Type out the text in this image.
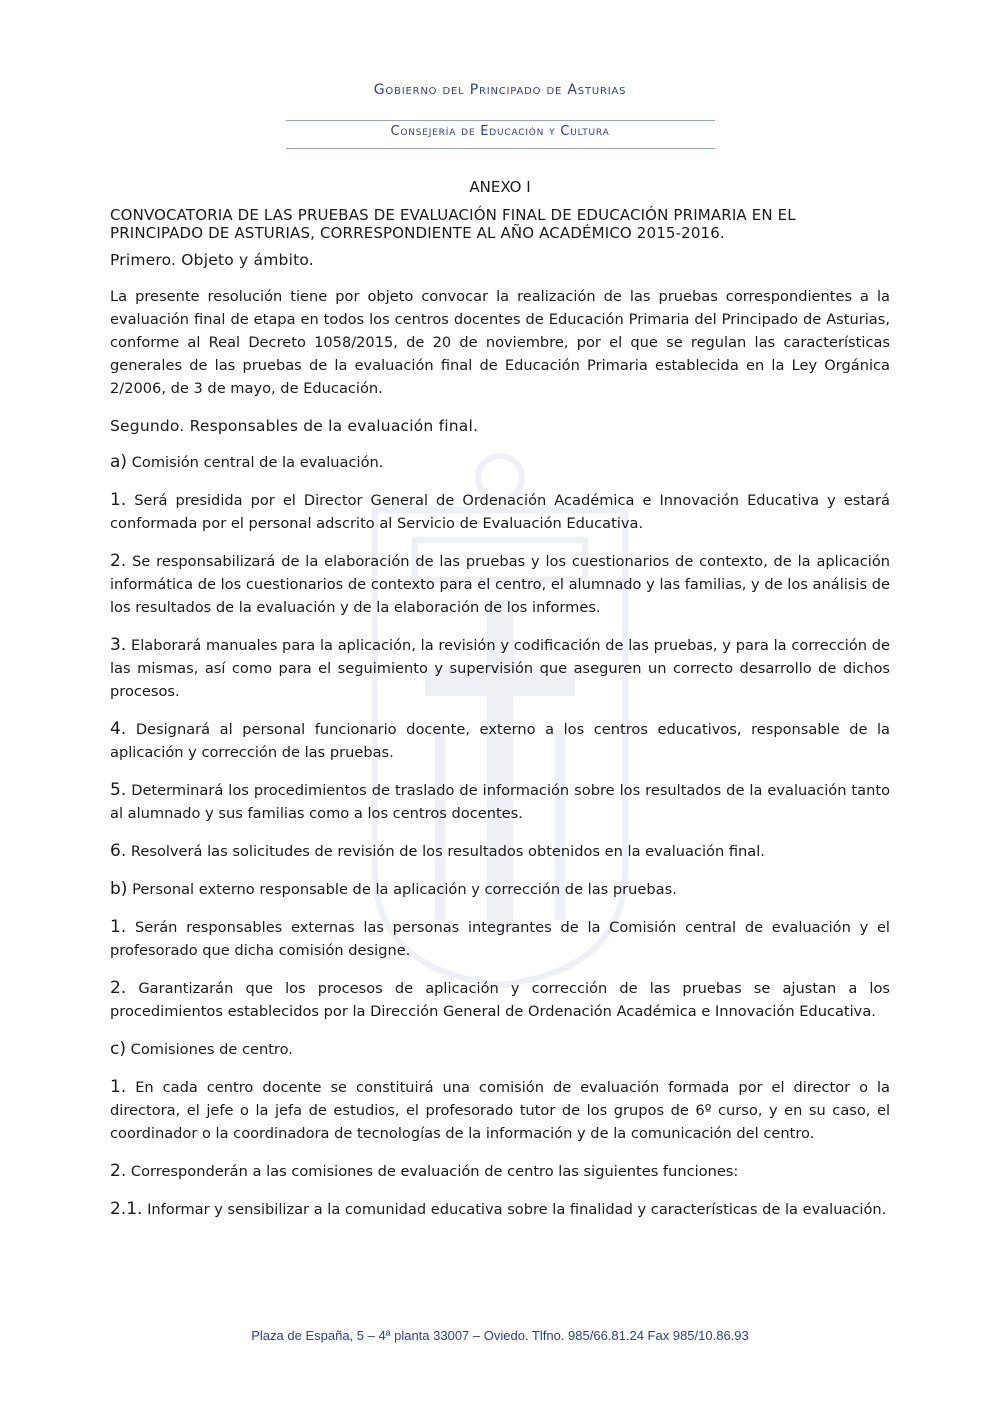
Gobierno del Principado de Asturias
Consejería de Educación y Cultura
ANEXO I
CONVOCATORIA DE LAS PRUEBAS DE EVALUACIÓN FINAL DE EDUCACIÓN PRIMARIA EN EL PRINCIPADO DE ASTURIAS, CORRESPONDIENTE AL AÑO ACADÉMICO 2015-2016.
Primero. Objeto y ámbito.

La presente resolución tiene por objeto convocar la realización de las pruebas correspondientes a la evaluación final de etapa en todos los centros docentes de Educación Primaria del Principado de Asturias, conforme al Real Decreto 1058/2015, de 20 de noviembre, por el que se regulan las características generales de las pruebas de la evaluación final de Educación Primaria establecida en la Ley Orgánica 2/2006, de 3 de mayo, de Educación.

Segundo. Responsables de la evaluación final.

a) Comisión central de la evaluación.

1. Será presidida por el Director General de Ordenación Académica e Innovación Educativa y estará conformada por el personal adscrito al Servicio de Evaluación Educativa.

2. Se responsabilizará de la elaboración de las pruebas y los cuestionarios de contexto, de la aplicación informática de los cuestionarios de contexto para el centro, el alumnado y las familias, y de los análisis de los resultados de la evaluación y de la elaboración de los informes.

3. Elaborará manuales para la aplicación, la revisión y codificación de las pruebas, y para la corrección de las mismas, así como para el seguimiento y supervisión que aseguren un correcto desarrollo de dichos procesos.

4. Designará al personal funcionario docente, externo a los centros educativos, responsable de la aplicación y corrección de las pruebas.

5. Determinará los procedimientos de traslado de información sobre los resultados de la evaluación tanto al alumnado y sus familias como a los centros docentes.

6. Resolverá las solicitudes de revisión de los resultados obtenidos en la evaluación final.

b) Personal externo responsable de la aplicación y corrección de las pruebas.

1. Serán responsables externas las personas integrantes de la Comisión central de evaluación y el profesorado que dicha comisión designe.

2. Garantizarán que los procesos de aplicación y corrección de las pruebas se ajustan a los procedimientos establecidos por la Dirección General de Ordenación Académica e Innovación Educativa.

c) Comisiones de centro.

1. En cada centro docente se constituirá una comisión de evaluación formada por el director o la directora, el jefe o la jefa de estudios, el profesorado tutor de los grupos de 6º curso, y en su caso, el coordinador o la coordinadora de tecnologías de la información y de la comunicación del centro.

2. Corresponderán a las comisiones de evaluación de centro las siguientes funciones:

2.1. Informar y sensibilizar a la comunidad educativa sobre la finalidad y características de la evaluación.

Plaza de España, 5 – 4ª planta 33007 – Oviedo. Tlfno. 985/66.81.24 Fax 985/10.86.93
